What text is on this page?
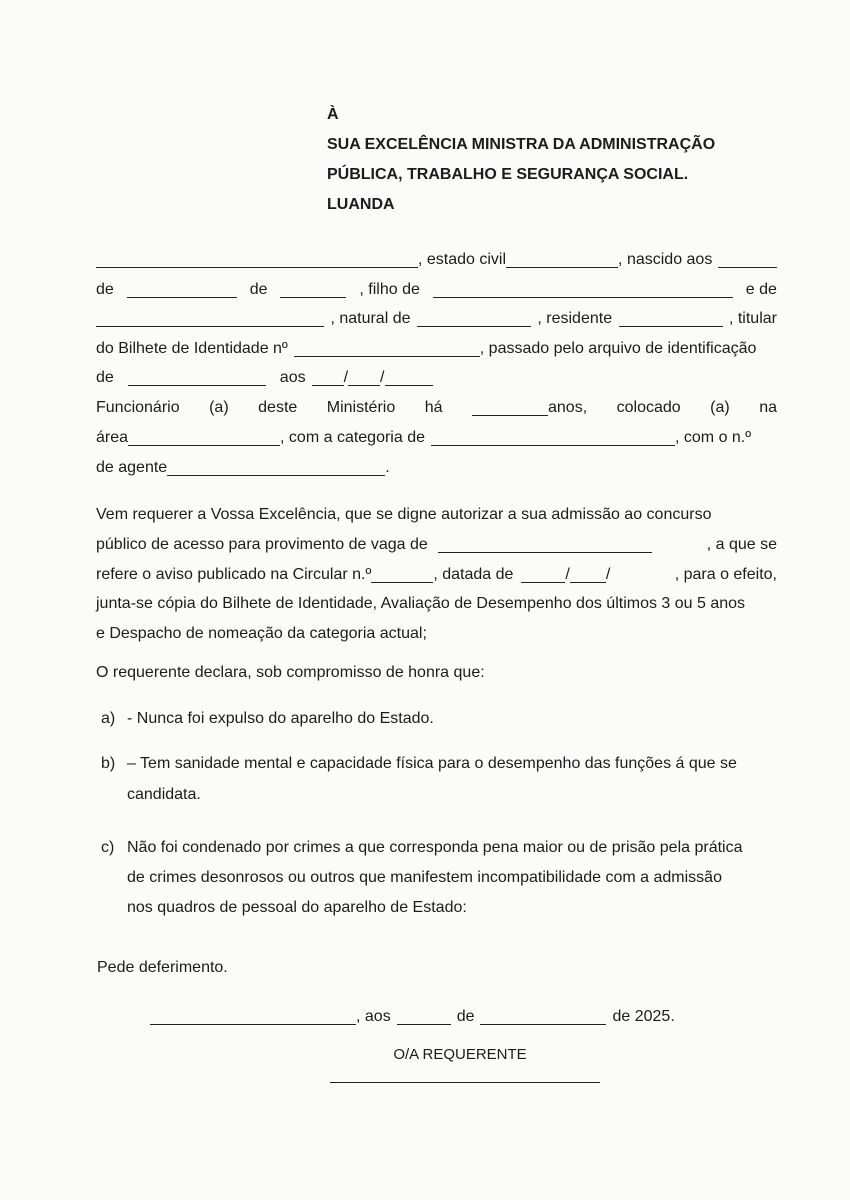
À
SUA EXCELÊNCIA MINISTRA DA ADMINISTRAÇÃO
PÚBLICA, TRABALHO E SEGURANÇA SOCIAL.
LUANDA
, estado civil	, nascido aos
de	de	, filho de	e de
, natural de	, residente	, titular
do Bilhete de Identidade nº	, passado pelo arquivo de identificação
de	aos / /
Funcionário (a) deste Ministério há	anos, colocado (a) na
área	, com a categoria de	, com o n.º
de agente	.
Vem requerer a Vossa Excelência, que se digne autorizar a sua admissão ao concurso
público de acesso para provimento de vaga de	, a que se
refere o aviso publicado na Circular n.º	, datada de	/ /	, para o efeito,
junta-se cópia do Bilhete de Identidade, Avaliação de Desempenho dos últimos 3 ou 5 anos
e Despacho de nomeação da categoria actual;
O requerente declara, sob compromisso de honra que:
a) - Nunca foi expulso do aparelho do Estado.
b) – Tem sanidade mental e capacidade física para o desempenho das funções á que se
candidata.
c) Não foi condenado por crimes a que corresponda pena maior ou de prisão pela prática
de crimes desonrosos ou outros que manifestem incompatibilidade com a admissão
nos quadros de pessoal do aparelho de Estado:
Pede deferimento.
, aos	de	de 2025.
O/A REQUERENTE
